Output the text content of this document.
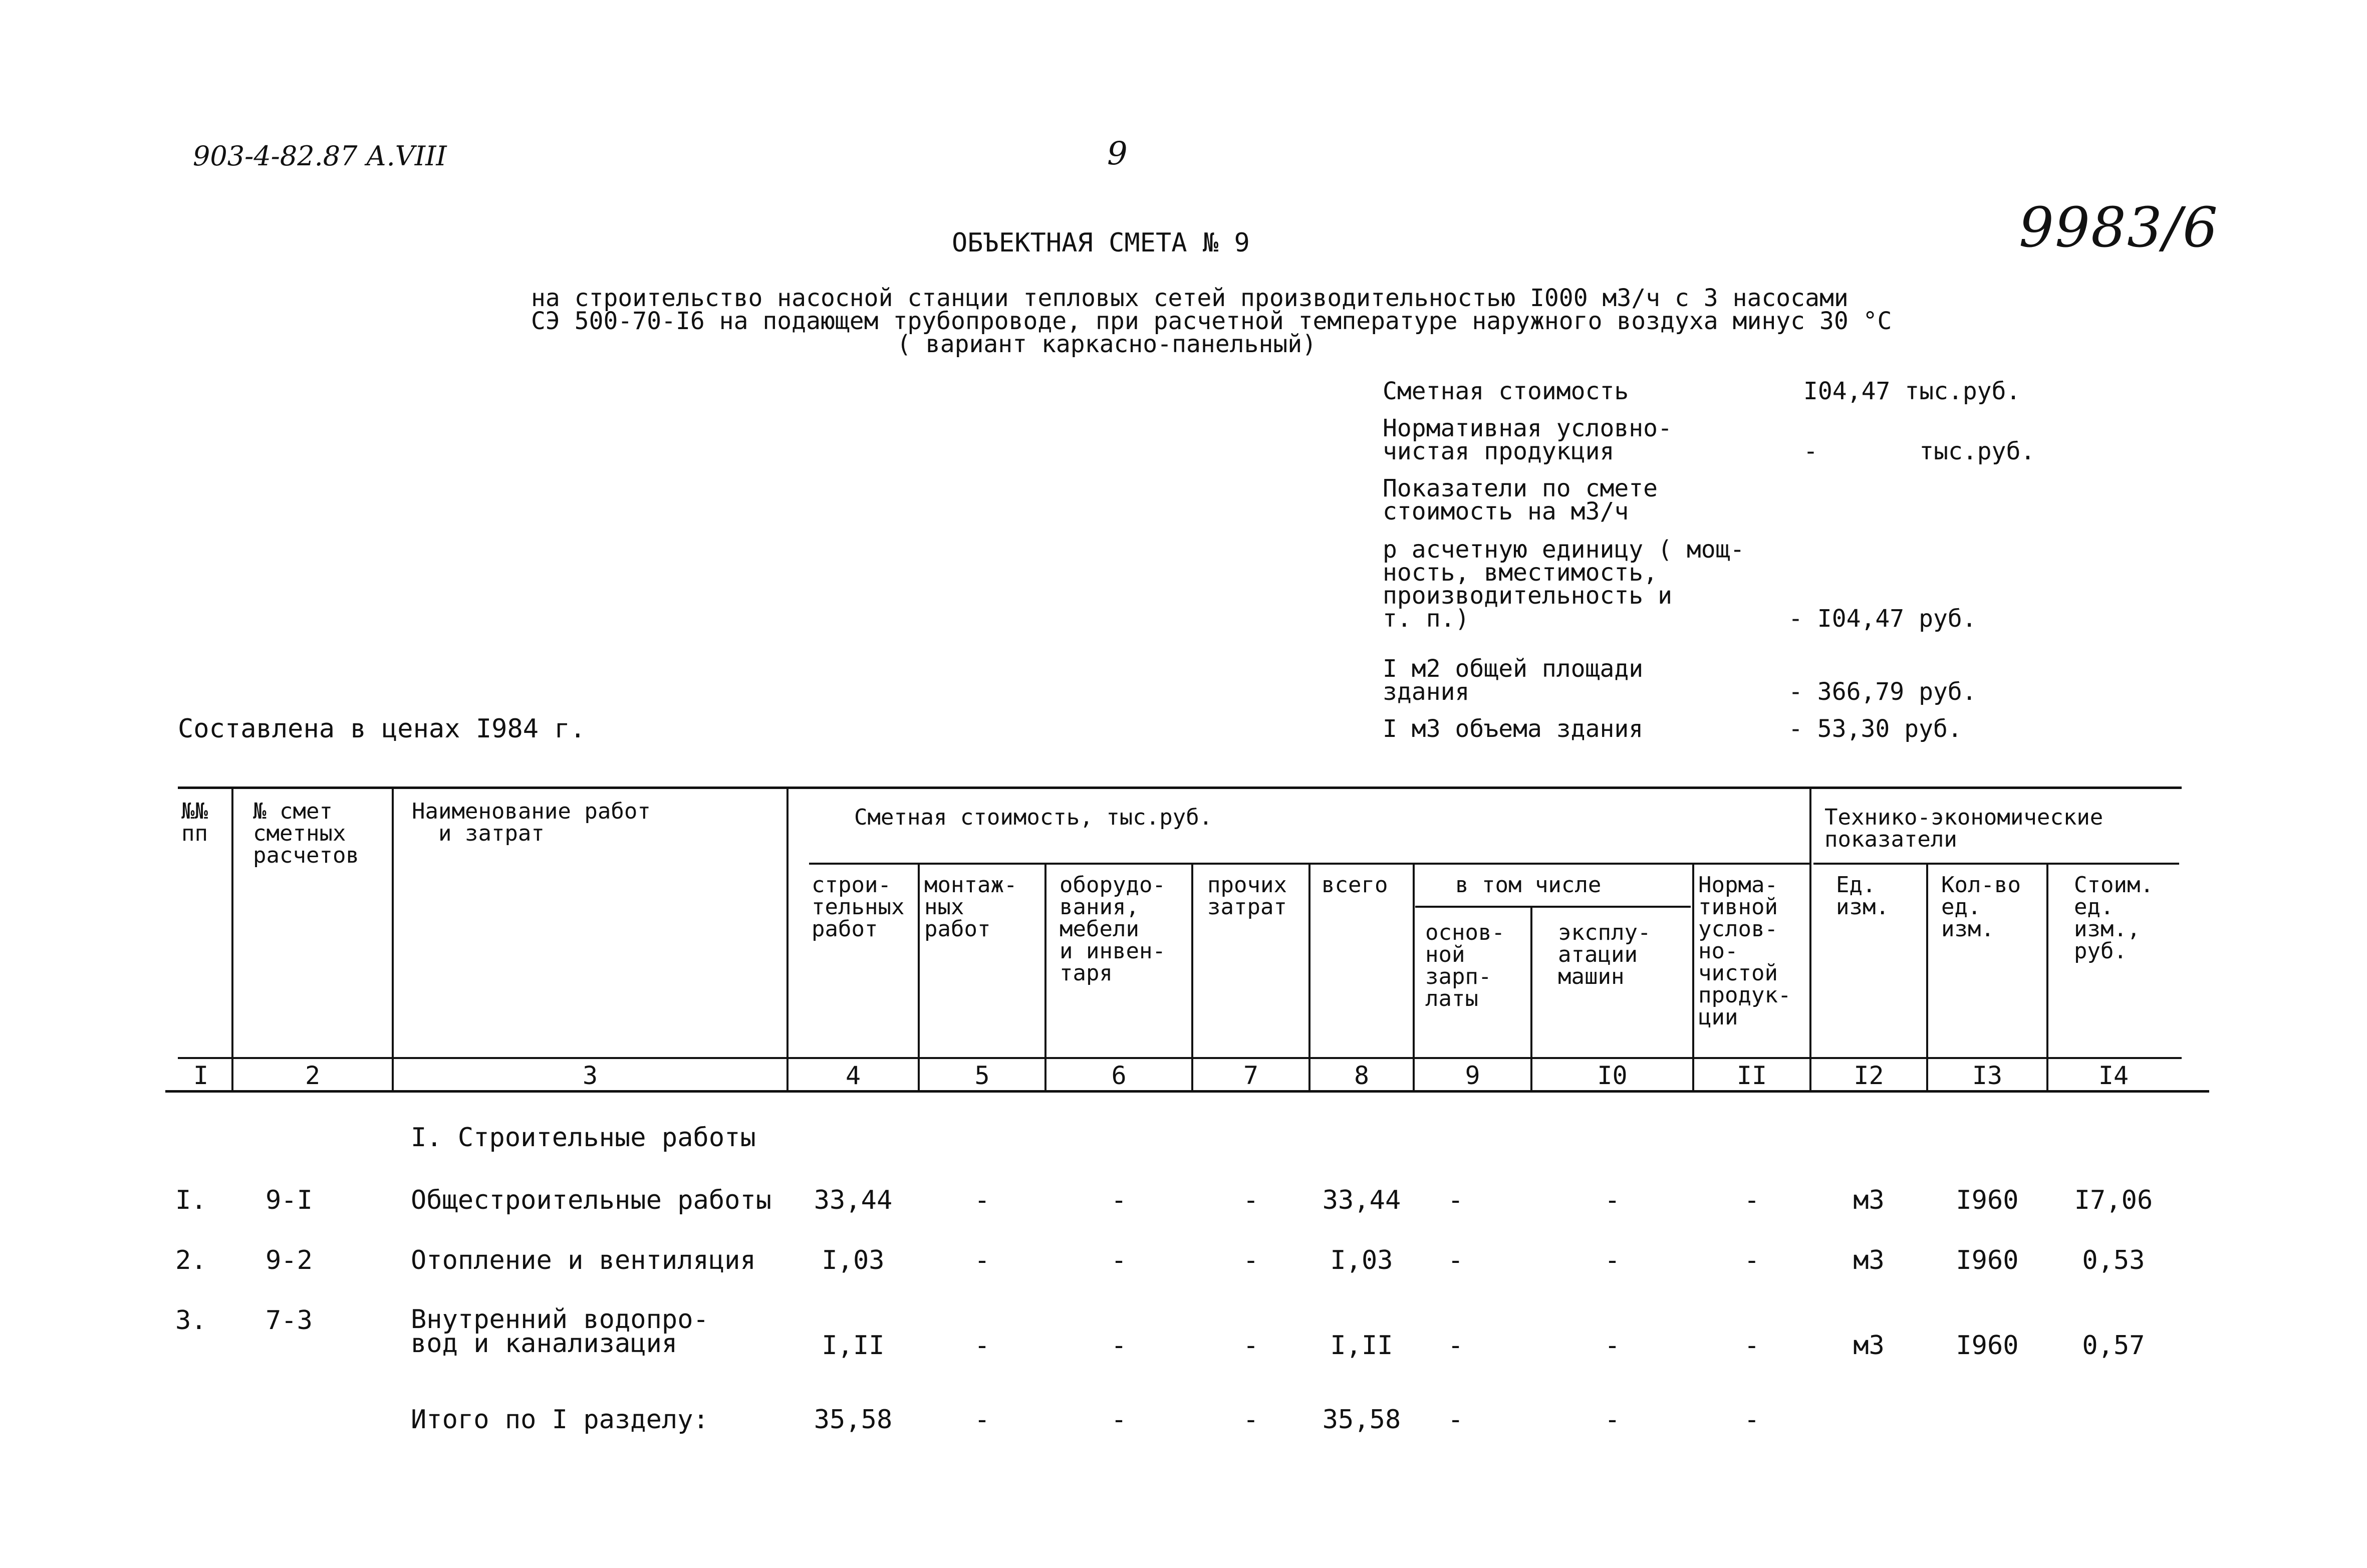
903-4-82.87 А.VIII	9
9983/6
ОБЪЕКТНАЯ СМЕТА № 9
на строительство насосной станции тепловых сетей производительностью I000 м3/ч с 3 насосами
СЭ 500-70-I6 на подающем трубопроводе, при расчетной температуре наружного воздуха минус 30 °С
( вариант каркасно-панельный)
Сметная стоимость	I04,47 тыс.руб.
Нормативная условно-
чистая продукция	-       тыс.руб.
Показатели по смете
стоимость на м3/ч
р асчетную единицу ( мощ-
ность, вместимость,
производительность и
т. п.)	- I04,47 руб.
I м2 общей площади
здания	- 366,79 руб.
I м3 объема здания	- 53,30 руб.
Составлена в ценах I984 г.
№№
пп
№ смет
сметных
расчетов
Наименование работ
и затрат
Сметная стоимость, тыс.руб.
строи-
тельных
работ
монтаж-
ных
работ
оборудо-
вания,
мебели
и инвен-
таря
прочих
затрат
всего	в том числе
основ-
ной
зарп-
латы
эксплу-
атации
машин
Норма-
тивной
услов-
но-
чистой
продук-
ции
Технико-экономические
показатели
Ед.
изм.
Кол-во
ед.
изм.
Стоим.
ед.
изм.,
руб.
I	2	3	4	5	6	7	8	9	I0	II	I2	I3	I4
I. Строительные работы
I. 9-I	Общестроительные работы	33,44	-	-	-	33,44	-	-	-	м3	I960	I7,06
2. 9-2	Отопление и вентиляция	I,03	-	-	-	I,03	-	-	-	м3	I960	0,53
3. 7-3	Внутренний водопро-
вод и канализация	I,II	-	-	-	I,II	-	-	-	м3	I960	0,57
Итого по I разделу:	35,58	-	-	-	35,58	-	-	-
